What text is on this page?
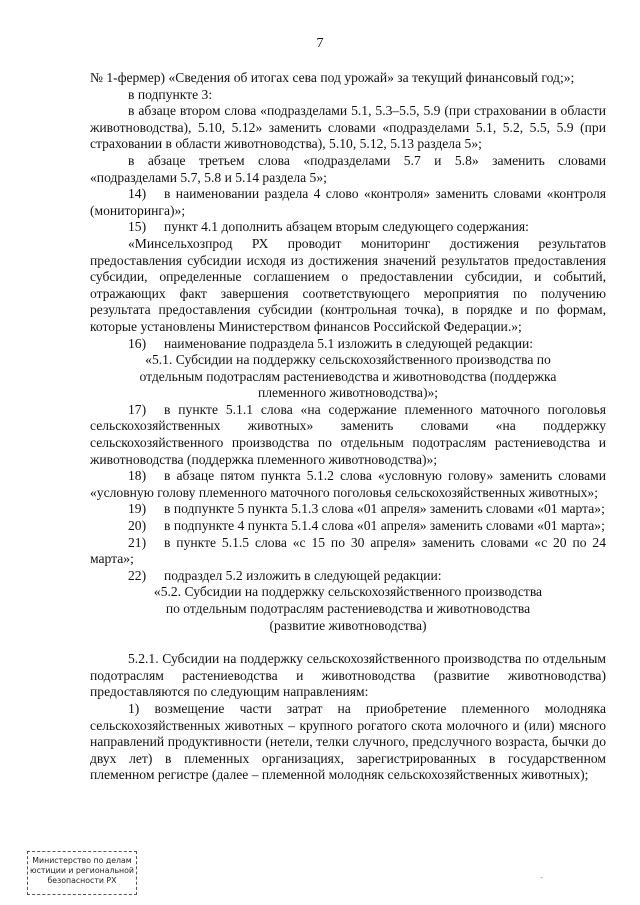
7

№ 1-фермер) «Сведения об итогах сева под урожай» за текущий финансовый год;»;

в подпункте 3:

в абзаце втором слова «подразделами 5.1, 5.3–5.5, 5.9 (при страховании в области животноводства), 5.10, 5.12» заменить словами «подразделами 5.1, 5.2, 5.5, 5.9 (при страховании в области животноводства), 5.10, 5.12, 5.13 раздела 5»;

в абзаце третьем слова «подразделами 5.7 и 5.8» заменить словами «подразделами 5.7, 5.8 и 5.14 раздела 5»;

14) в наименовании раздела 4 слово «контроля» заменить словами «контроля (мониторинга)»;

15) пункт 4.1 дополнить абзацем вторым следующего содержания:

«Минсельхозпрод РХ проводит мониторинг достижения результатов предоставления субсидии исходя из достижения значений результатов предоставления субсидии, определенные соглашением о предоставлении субсидии, и событий, отражающих факт завершения соответствующего мероприятия по получению результата предоставления субсидии (контрольная точка), в порядке и по формам, которые установлены Министерством финансов Российской Федерации.»;

16) наименование подраздела 5.1 изложить в следующей редакции:

«5.1. Субсидии на поддержку сельскохозяйственного производства по

отдельным подотраслям растениеводства и животноводства (поддержка

племенного животноводства)»;

17) в пункте 5.1.1 слова «на содержание племенного маточного поголовья сельскохозяйственных животных» заменить словами «на поддержку сельскохозяйственного производства по отдельным подотраслям растениеводства и животноводства (поддержка племенного животноводства)»;

18) в абзаце пятом пункта 5.1.2 слова «условную голову» заменить словами «условную голову племенного маточного поголовья сельскохозяйственных животных»;

19) в подпункте 5 пункта 5.1.3 слова «01 апреля» заменить словами «01 марта»;

20) в подпункте 4 пункта 5.1.4 слова «01 апреля» заменить словами «01 марта»;

21) в пункте 5.1.5 слова «с 15 по 30 апреля» заменить словами «с 20 по 24 марта»;

22) подраздел 5.2 изложить в следующей редакции:

«5.2. Субсидии на поддержку сельскохозяйственного производства

по отдельным подотраслям растениеводства и животноводства

(развитие животноводства)

5.2.1. Субсидии на поддержку сельскохозяйственного производства по отдельным подотраслям растениеводства и животноводства (развитие животноводства) предоставляются по следующим направлениям:

1) возмещение части затрат на приобретение племенного молодняка сельскохозяйственных животных – крупного рогатого скота молочного и (или) мясного направлений продуктивности (нетели, телки случного, предслучного возраста, бычки до двух лет) в племенных организациях, зарегистрированных в государственном племенном регистре (далее – племенной молодняк сельскохозяйственных животных);

Министерство по делам
юстиции и региональной
безопасности РХ	-
